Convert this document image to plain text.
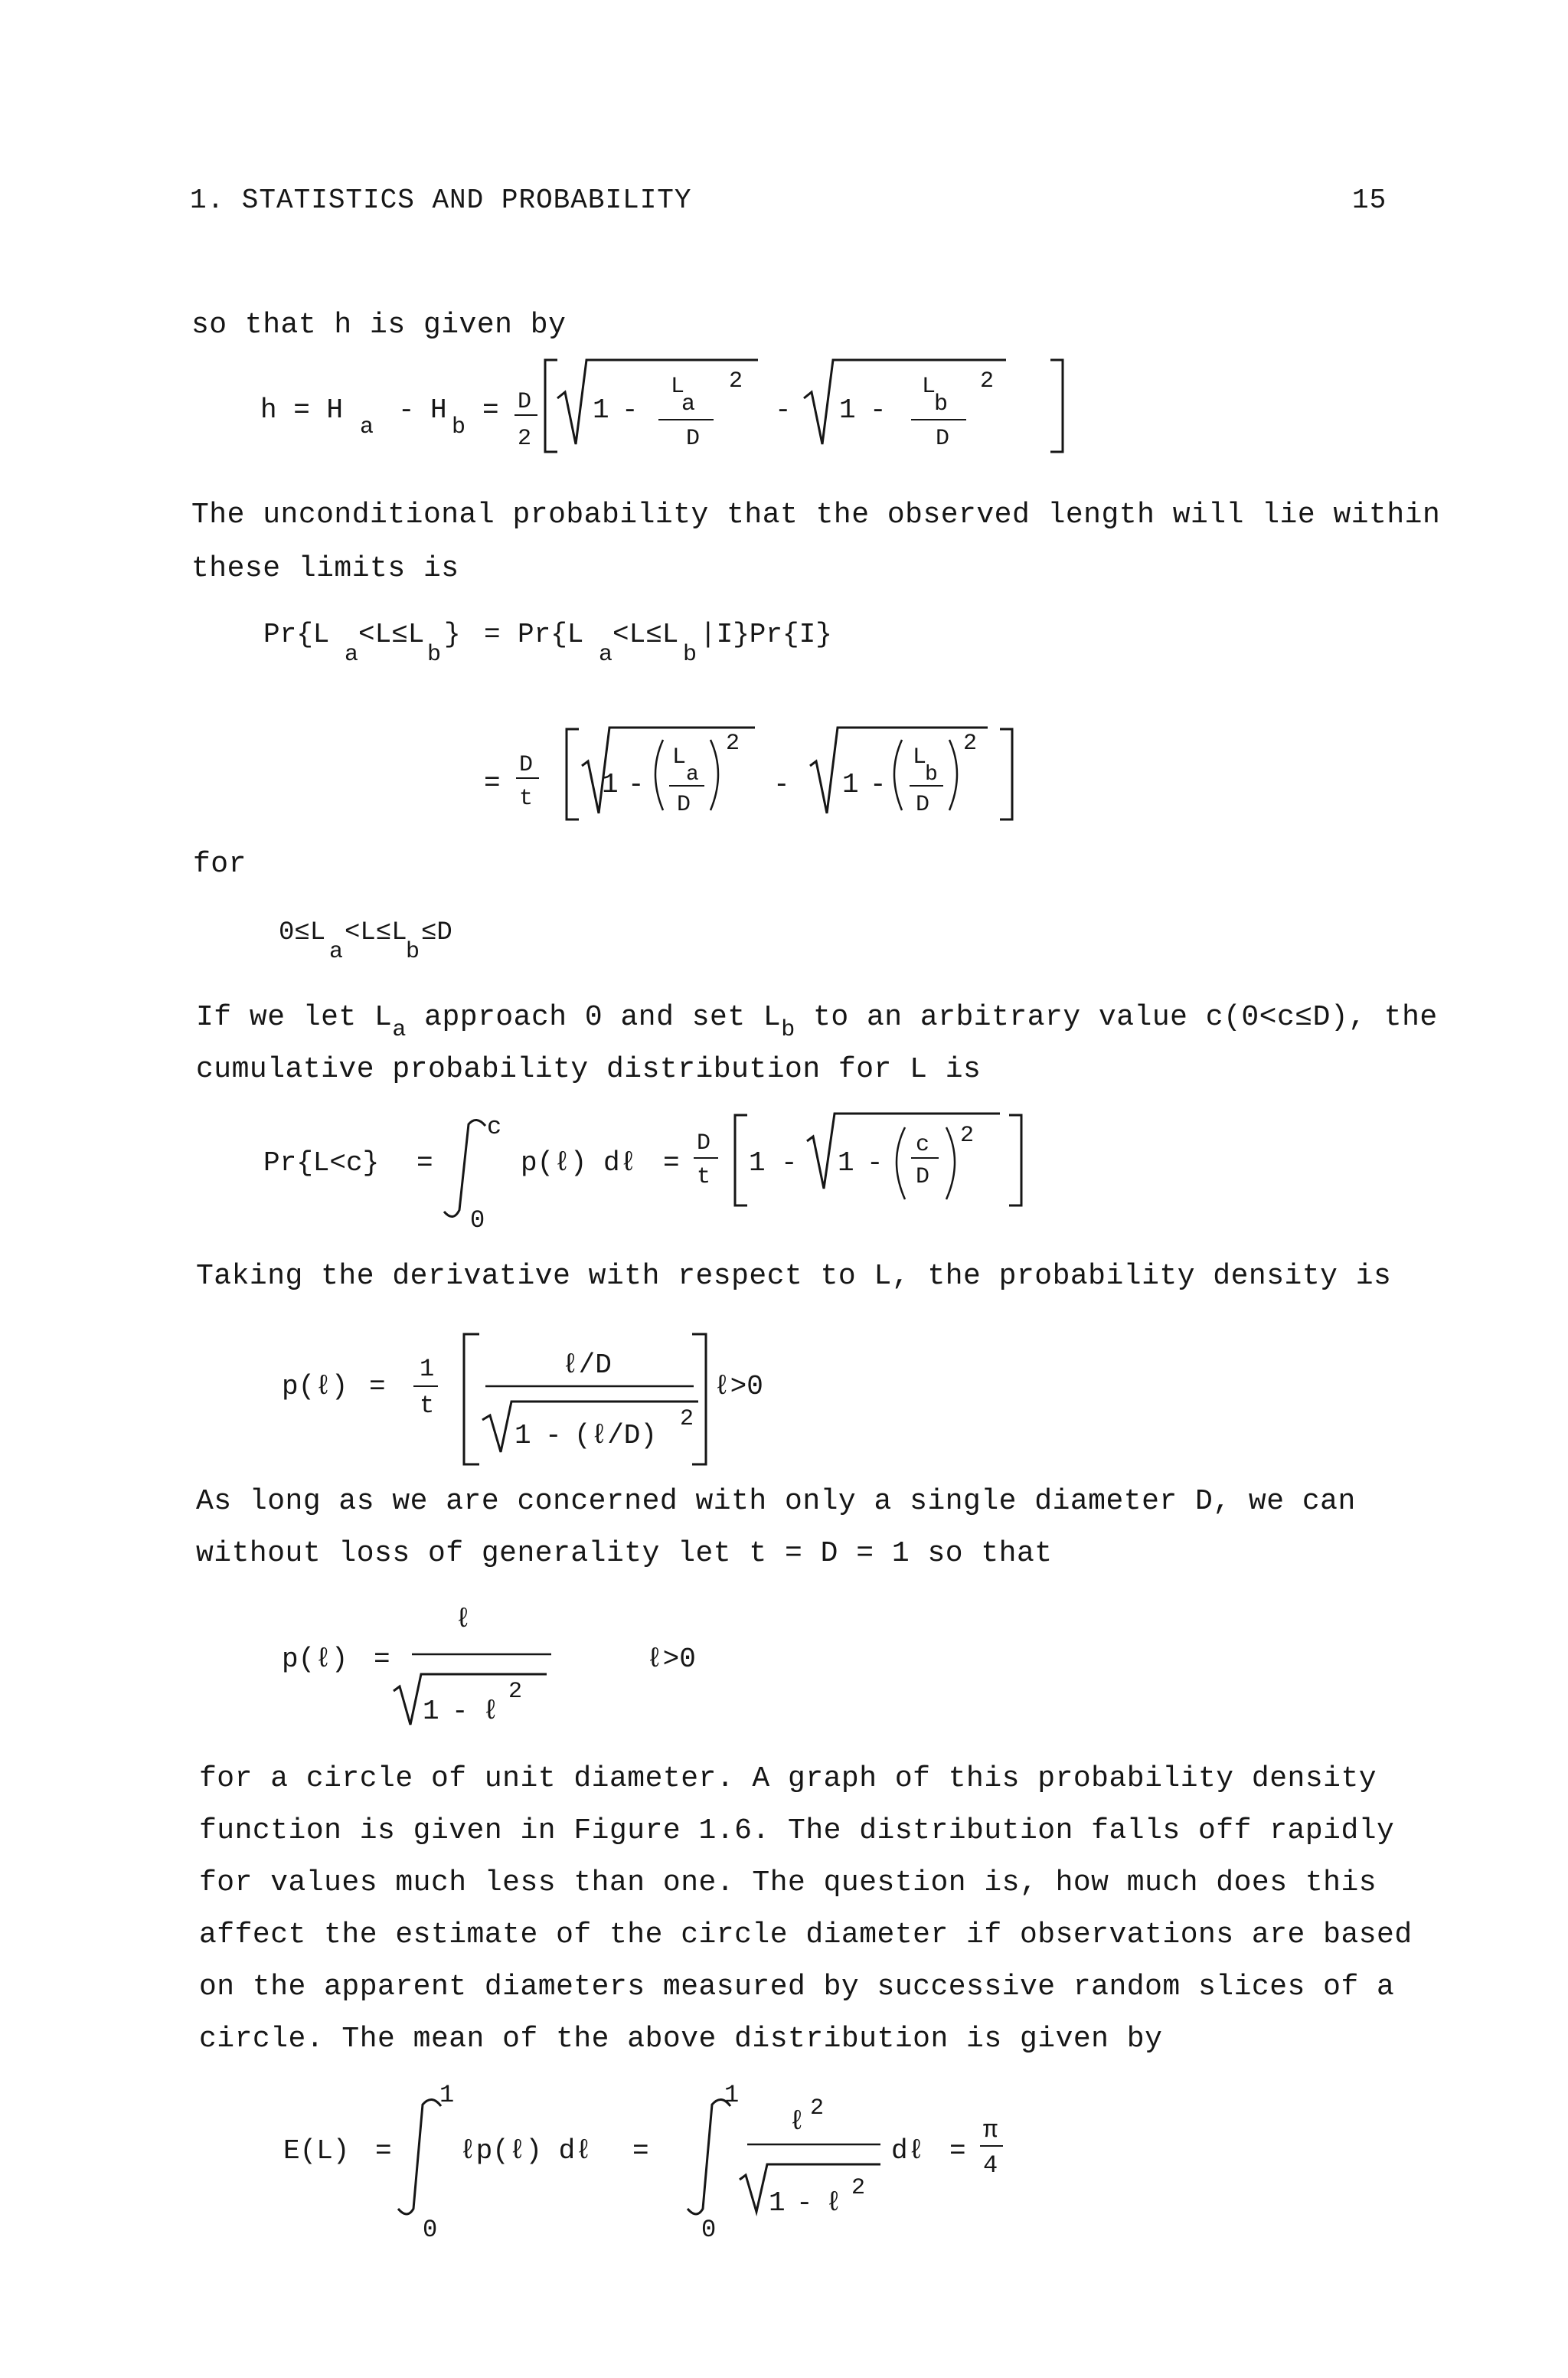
1. STATISTICS AND PROBABILITY	15
so that h is given by
h = H
a
- H
b
= D
2
1 -
L
a
2
D
- 1 -
L
b
2
D
The unconditional probability that the observed length will lie within
these limits is
Pr{L
a
<L≤L
b
} = Pr{L
a
<L≤L
b
|I}Pr{I}
=
D
t 1 -
L
a
D
2
- 1 -
L
b
D
2
for
0≤L
a
<L≤L
b
≤D
If we let $L_a$ approach 0 and set $L_b$ to an arbitrary value c(0<c≤D), the
cumulative probability distribution for L is
Pr{L<c} =
c
0
p(ℓ) dℓ =
D
t 1 - 1 -
c
D
2
Taking the derivative with respect to L, the probability density is
p(ℓ) =
1
t
ℓ/D
1 - (ℓ/D)
2
ℓ>0
As long as we are concerned with only a single diameter D, we can
without loss of generality let t = D = 1 so that
p(ℓ) =
ℓ
1 - ℓ
2
ℓ>0
for a circle of unit diameter. A graph of this probability density
function is given in Figure 1.6. The distribution falls off rapidly
for values much less than one. The question is, how much does this
affect the estimate of the circle diameter if observations are based
on the apparent diameters measured by successive random slices of a
circle. The mean of the above distribution is given by
E(L) =
1
0
ℓp(ℓ) dℓ =
1
0
ℓ 2
1 - ℓ 2
dℓ =
π
4
